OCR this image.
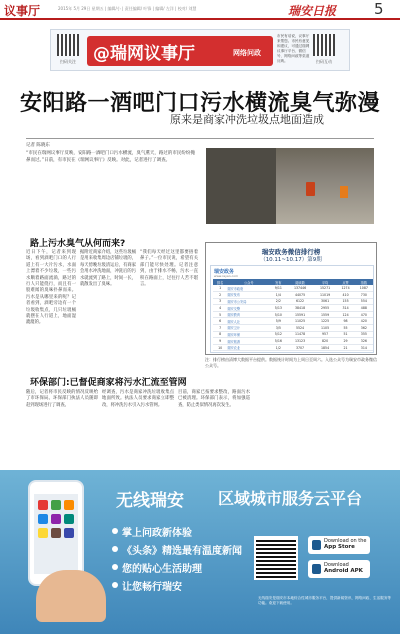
议事厅	2015年 5月 29日 星期五 | 编辑/小 | 责任编辑/ 叶锋 | 编辑/ 左洋 | 校对/ 刘慧	瑞安日报	5
扫码关注	@瑞网议事厅	网络问政
市民有话说，议事厅来帮您。市民有意见和建议，可通过瑞网议事厅平台、微信号、网络问政等渠道反映。	扫码互动
安阳路一酒吧门口污水横流臭气弥漫
原来是商家冲洗垃圾点地面造成
记者 陈晓东
“市民在瑞网议事厅反映，安阳路一酒吧门口污水横流，臭气熏天，路过的市民纷纷掩鼻而过。”日前，有市民在《瑞网议事厅》反映。对此，记者进行了调查。
路上污水臭气从何而来?
近日下午，记者来到现场，看到酒吧门口的人行道上有一大片污水，水面上漂着不少垃圾，一些污水顺着路面流淌，路过的行人只能绕行，而且有一股难闻的臭味扑鼻而来。污水是从哪里来的呢？记者看到，酒吧旁边有一个垃圾收集点，几只垃圾桶就摆在人行道上，地面湿漉漉的。
据附近商家介绍，这些垃圾桶是用来收集周边店铺垃圾的，每天傍晚垃圾清运后，有商家会用水冲洗地面，冲洗后的污水就流到了路上，时间一长，就散发出了臭味。
“我们每天经过这里都要捂着鼻子。”一位市民说，希望有关部门能尽快处理。记者注意到，由于排水不畅，污水一直积在路面上，过往行人苦不堪言。
环保部门:已督促商家将污水汇流至管网
随后，记者将市民反映的情况反映给了市环保局。环保部门执法人员随即赶到现场进行了调查。
经调查，污水是商家冲洗垃圾收集点地面所致。执法人员要求商家立即整改，将冲洗污水引入污水管网。
目前，商家已按要求整改，路面污水已被清理。环保部门表示，将加强巡查，防止类似情况再次发生。
瑞安政务微信排行榜
（10.11~10.17）第9期
瑞安政务
www.rayan.com
排名	公众号	发布	阅读数	平均	点赞	指数
1	瑞安市政府	9/11	137446	15271	1274	1087
2	瑞安发布	1/4	44075	11019	410	730
3	瑞安市公安局	2/2	6122	3061	155	554
4	瑞安交警	5/13	38418	2955	314	488
5	瑞安教育	5/10	15591	1559	124	470
6	瑞安人社	5/9	11025	1225	98	420
7	瑞安卫计	3/5	5524	1105	55	362
8	瑞安环保	5/12	11478	957	51	355
9	瑞安旅游	5/16	13123	820	29	326
10	瑞安农业	1/2	3707	1854	21	314
注：排行榜由清博大数据平台提供。数据统计时间为上周日至周六。入选公众号为瑞安市政务微信公众号。
无线瑞安 区域城市服务云平台
掌上问政新体验
《头条》精选最有温度新闻
您的贴心生活助理
让您畅行瑞安
Download on the
App Store
Download
Android APK
无线瑞安是瑞安市本地综合性城市服务平台，提供新闻资讯、网络问政、生活服务等功能。欢迎下载使用。
